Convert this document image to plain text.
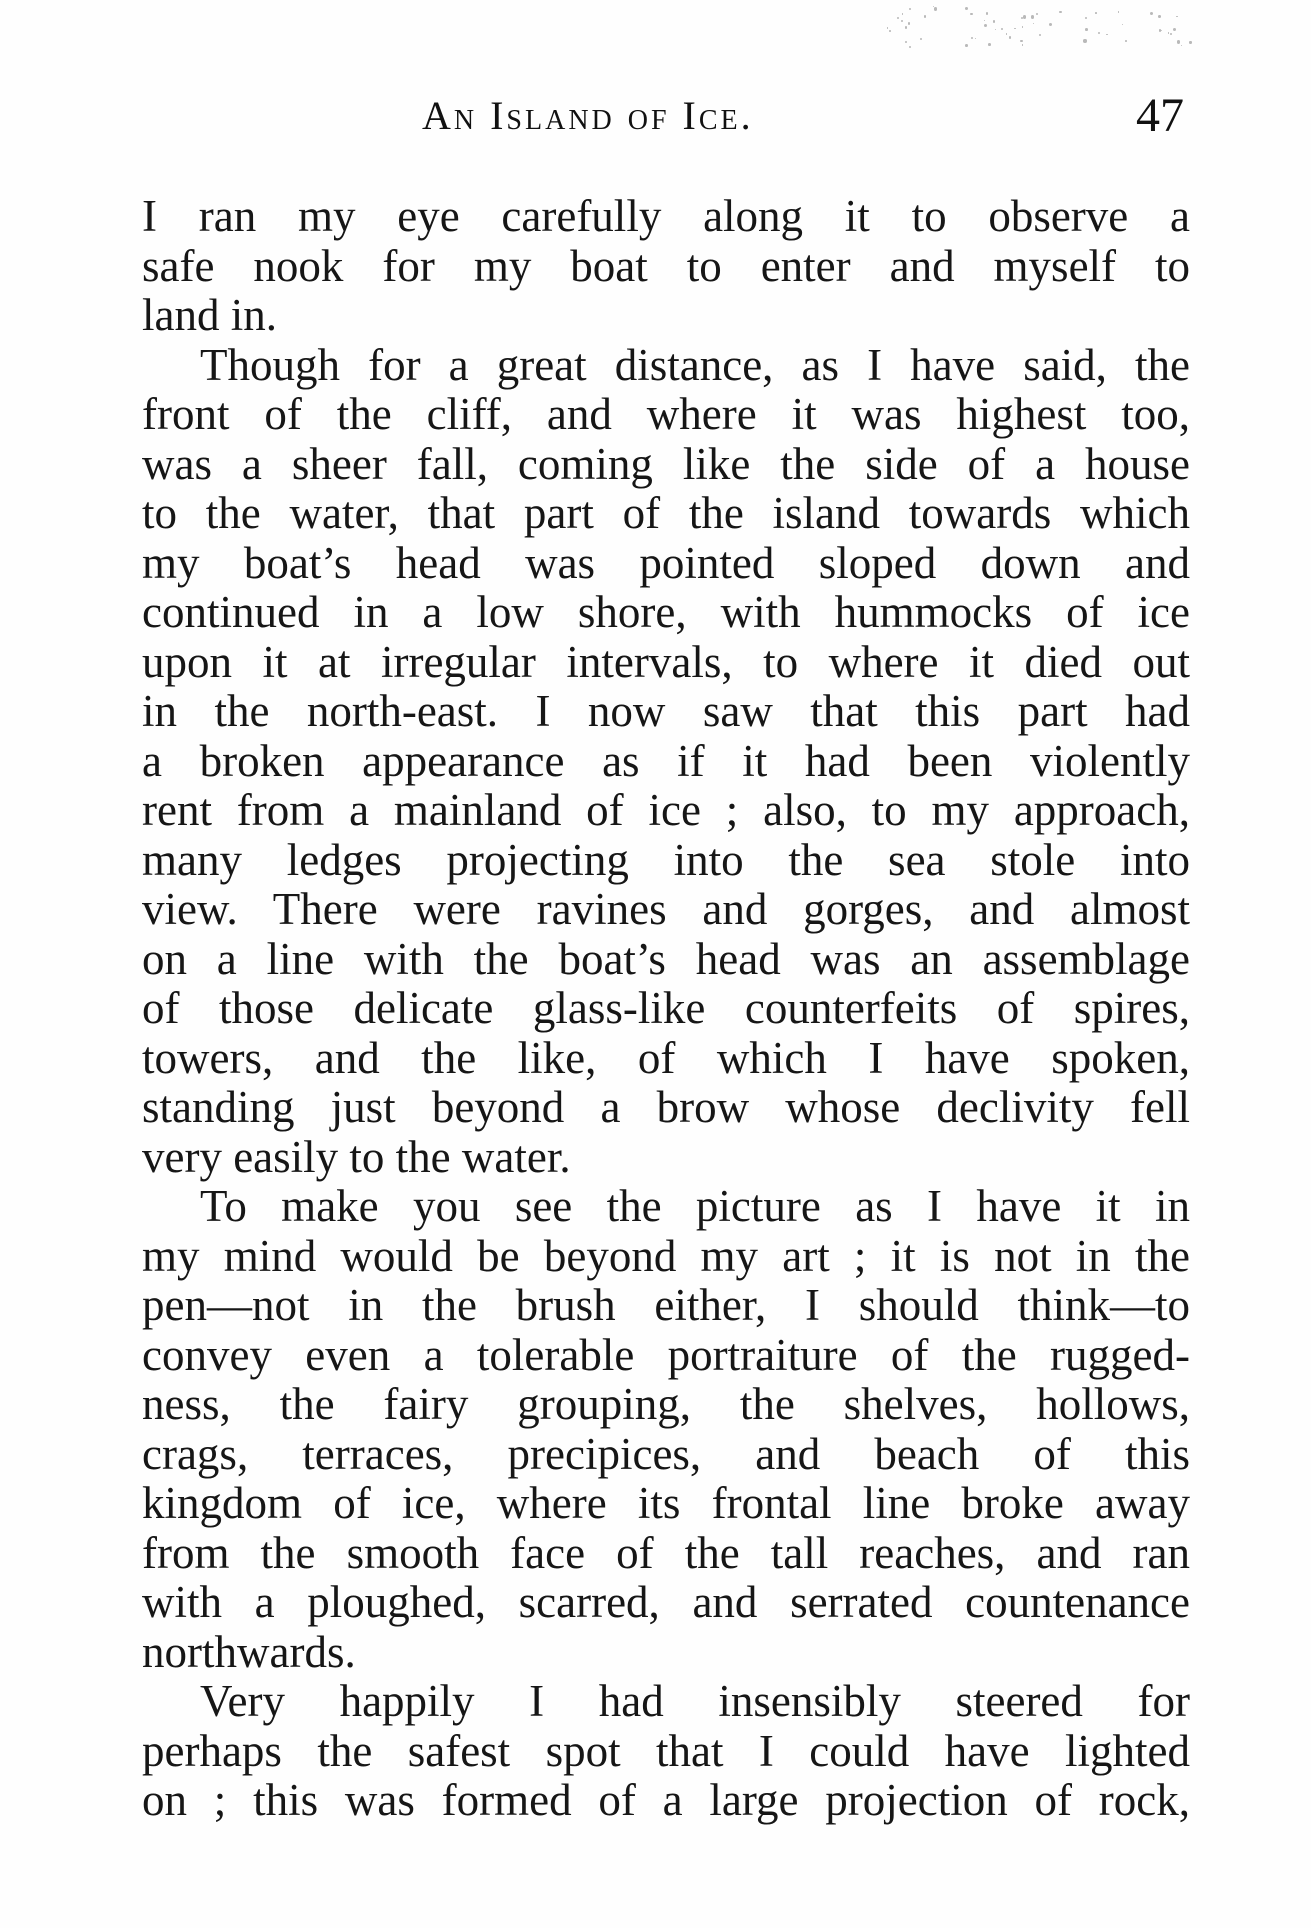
An Island of Ice.	47
I ran my eye carefully along it to observe a
safe nook for my boat to enter and myself to
land in.
Though for a great distance, as I have said, the
front of the cliff, and where it was highest too,
was a sheer fall, coming like the side of a house
to the water, that part of the island towards which
my boat’s head was pointed sloped down and
continued in a low shore, with hummocks of ice
upon it at irregular intervals, to where it died out
in the north-east. I now saw that this part had
a broken appearance as if it had been violently
rent from a mainland of ice ; also, to my approach,
many ledges projecting into the sea stole into
view. There were ravines and gorges, and almost
on a line with the boat’s head was an assemblage
of those delicate glass-like counterfeits of spires,
towers, and the like, of which I have spoken,
standing just beyond a brow whose declivity fell
very easily to the water.
To make you see the picture as I have it in
my mind would be beyond my art ; it is not in the
pen—not in the brush either, I should think—to
convey even a tolerable portraiture of the rugged-
ness, the fairy grouping, the shelves, hollows,
crags, terraces, precipices, and beach of this
kingdom of ice, where its frontal line broke away
from the smooth face of the tall reaches, and ran
with a ploughed, scarred, and serrated countenance
northwards.
Very happily I had insensibly steered for
perhaps the safest spot that I could have lighted
on ; this was formed of a large projection of rock,
